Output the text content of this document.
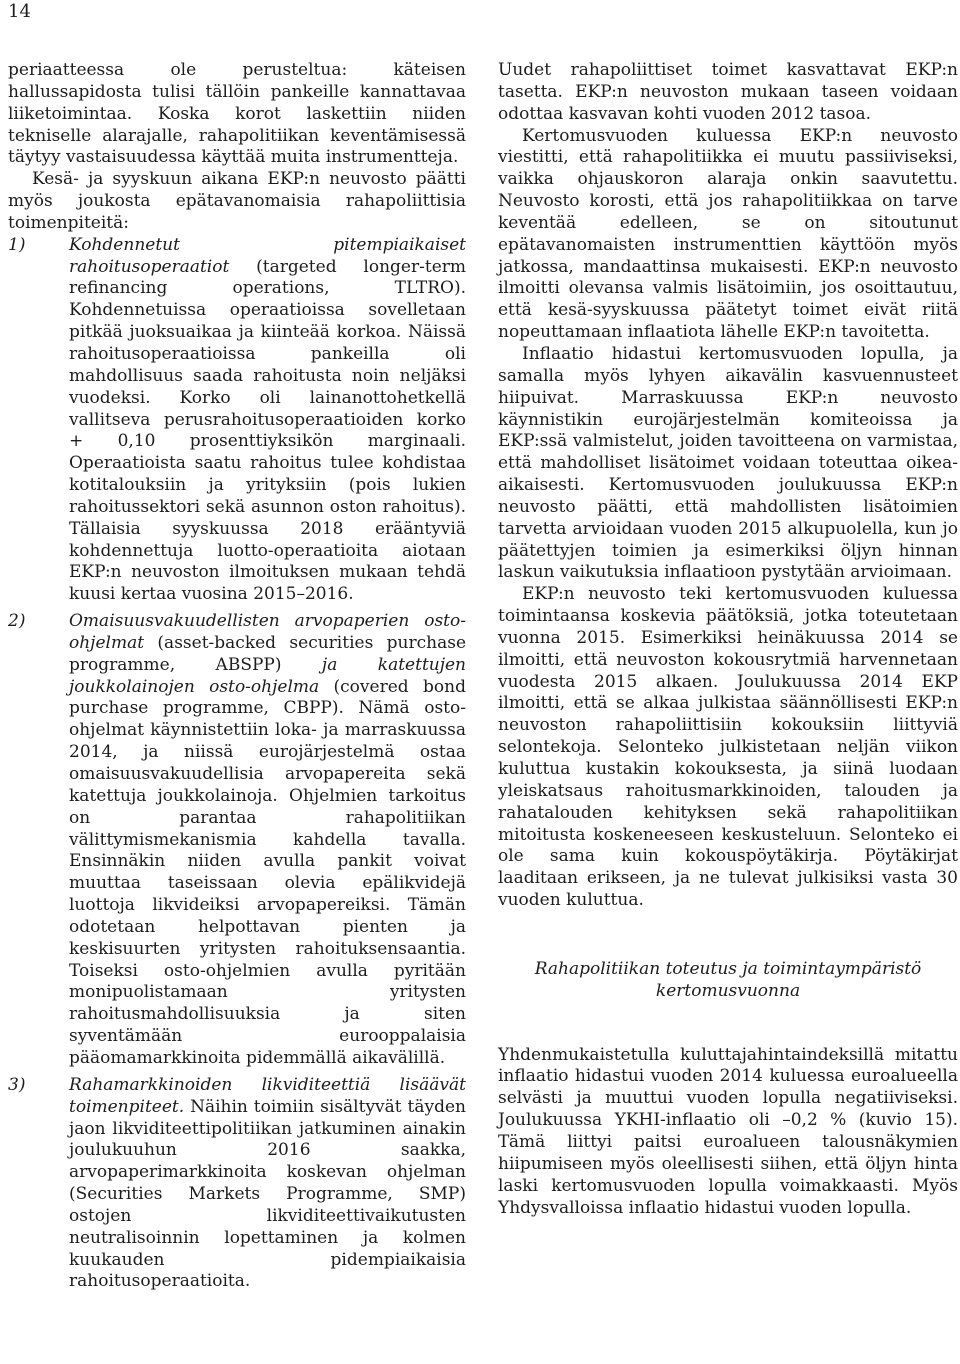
14

periaatteessa ole perusteltua: käteisen hallussapidosta tulisi tällöin pankeille kannattavaa liiketoimintaa. Koska korot laskettiin niiden tekniselle alarajalle, rahapolitiikan keventämisessä täytyy vastaisuudessa käyttää muita instrumentteja.

Kesä- ja syyskuun aikana EKP:n neuvosto päätti myös joukosta epätavanomaisia rahapoliittisia toimenpiteitä:

1)	Kohdennetut pitempiaikaiset rahoitusoperaatiot (targeted longer-term refinancing operations, TLTRO). Kohdennetuissa operaatioissa sovelletaan pitkää juoksuaikaa ja kiinteää korkoa. Näissä rahoitusoperaatioissa pankeilla oli mahdollisuus saada rahoitusta noin neljäksi vuodeksi. Korko oli lainanottohetkellä vallitseva perusrahoitusoperaatioiden korko + 0,10 prosenttiyksikön marginaali. Operaatioista saatu rahoitus tulee kohdistaa kotitalouksiin ja yrityksiin (pois lukien rahoitussektori sekä asunnon oston rahoitus). Tällaisia syyskuussa 2018 erääntyviä kohdennettuja luotto-operaatioita aiotaan EKP:n neuvoston ilmoituksen mukaan tehdä kuusi kertaa vuosina 2015–2016.

2)	Omaisuusvakuudellisten arvopaperien osto-ohjelmat (asset-backed securities purchase programme, ABSPP) ja katettujen joukkolainojen osto-ohjelma (covered bond purchase programme, CBPP). Nämä osto-ohjelmat käynnistettiin loka- ja marraskuussa 2014, ja niissä eurojärjestelmä ostaa omaisuusvakuudellisia arvopapereita sekä katettuja joukkolainoja. Ohjelmien tarkoitus on parantaa rahapolitiikan välittymismekanismia kahdella tavalla. Ensinnäkin niiden avulla pankit voivat muuttaa taseissaan olevia epälikvidejä luottoja likvideiksi arvopapereiksi. Tämän odotetaan helpottavan pienten ja keskisuurten yritysten rahoituksensaantia. Toiseksi osto-ohjelmien avulla pyritään monipuolistamaan yritysten rahoitusmahdollisuuksia ja siten syventämään eurooppalaisia pääomamarkkinoita pidemmällä aikavälillä.

3)	Rahamarkkinoiden likviditeettiä lisäävät toimenpiteet. Näihin toimiin sisältyvät täyden jaon likviditeettipolitiikan jatkuminen ainakin joulukuuhun 2016 saakka, arvopaperimarkkinoita koskevan ohjelman (Securities Markets Programme, SMP) ostojen likviditeettivaikutusten neutralisoinnin lopettaminen ja kolmen kuukauden pidempiaikaisia rahoitusoperaatioita.

Uudet rahapoliittiset toimet kasvattavat EKP:n tasetta. EKP:n neuvoston mukaan taseen voidaan odottaa kasvavan kohti vuoden 2012 tasoa.

Kertomusvuoden kuluessa EKP:n neuvosto viestitti, että rahapolitiikka ei muutu passiiviseksi, vaikka ohjauskoron alaraja onkin saavutettu. Neuvosto korosti, että jos rahapolitiikkaa on tarve keventää edelleen, se on sitoutunut epätavanomaisten instrumenttien käyttöön myös jatkossa, mandaattinsa mukaisesti. EKP:n neuvosto ilmoitti olevansa valmis lisätoimiin, jos osoittautuu, että kesä-syyskuussa päätetyt toimet eivät riitä nopeuttamaan inflaatiota lähelle EKP:n tavoitetta.

Inflaatio hidastui kertomusvuoden lopulla, ja samalla myös lyhyen aikavälin kasvuennusteet hiipuivat. Marraskuussa EKP:n neuvosto käynnistikin eurojärjestelmän komiteoissa ja EKP:ssä valmistelut, joiden tavoitteena on varmistaa, että mahdolliset lisätoimet voidaan toteuttaa oikea-aikaisesti. Kertomusvuoden joulukuussa EKP:n neuvosto päätti, että mahdollisten lisätoimien tarvetta arvioidaan vuoden 2015 alkupuolella, kun jo päätettyjen toimien ja esimerkiksi öljyn hinnan laskun vaikutuksia inflaatioon pystytään arvioimaan.

EKP:n neuvosto teki kertomusvuoden kuluessa toimintaansa koskevia päätöksiä, jotka toteutetaan vuonna 2015. Esimerkiksi heinäkuussa 2014 se ilmoitti, että neuvoston kokousrytmiä harvennetaan vuodesta 2015 alkaen. Joulukuussa 2014 EKP ilmoitti, että se alkaa julkistaa säännöllisesti EKP:n neuvoston rahapoliittisiin kokouksiin liittyviä selontekoja. Selonteko julkistetaan neljän viikon kuluttua kustakin kokouksesta, ja siinä luodaan yleiskatsaus rahoitusmarkkinoiden, talouden ja rahatalouden kehityksen sekä rahapolitiikan mitoitusta koskeneeseen keskusteluun. Selonteko ei ole sama kuin kokouspöytäkirja. Pöytäkirjat laaditaan erikseen, ja ne tulevat julkisiksi vasta 30 vuoden kuluttua.

Rahapolitiikan toteutus ja toimintaympäristö kertomusvuonna

Yhdenmukaistetulla kuluttajahintaindeksillä mitattu inflaatio hidastui vuoden 2014 kuluessa euroalueella selvästi ja muuttui vuoden lopulla negatiiviseksi. Joulukuussa YKHI-inflaatio oli –0,2 % (kuvio 15). Tämä liittyi paitsi euroalueen talousnäkymien hiipumiseen myös oleellisesti siihen, että öljyn hinta laski kertomusvuoden lopulla voimakkaasti. Myös Yhdysvalloissa inflaatio hidastui vuoden lopulla.
